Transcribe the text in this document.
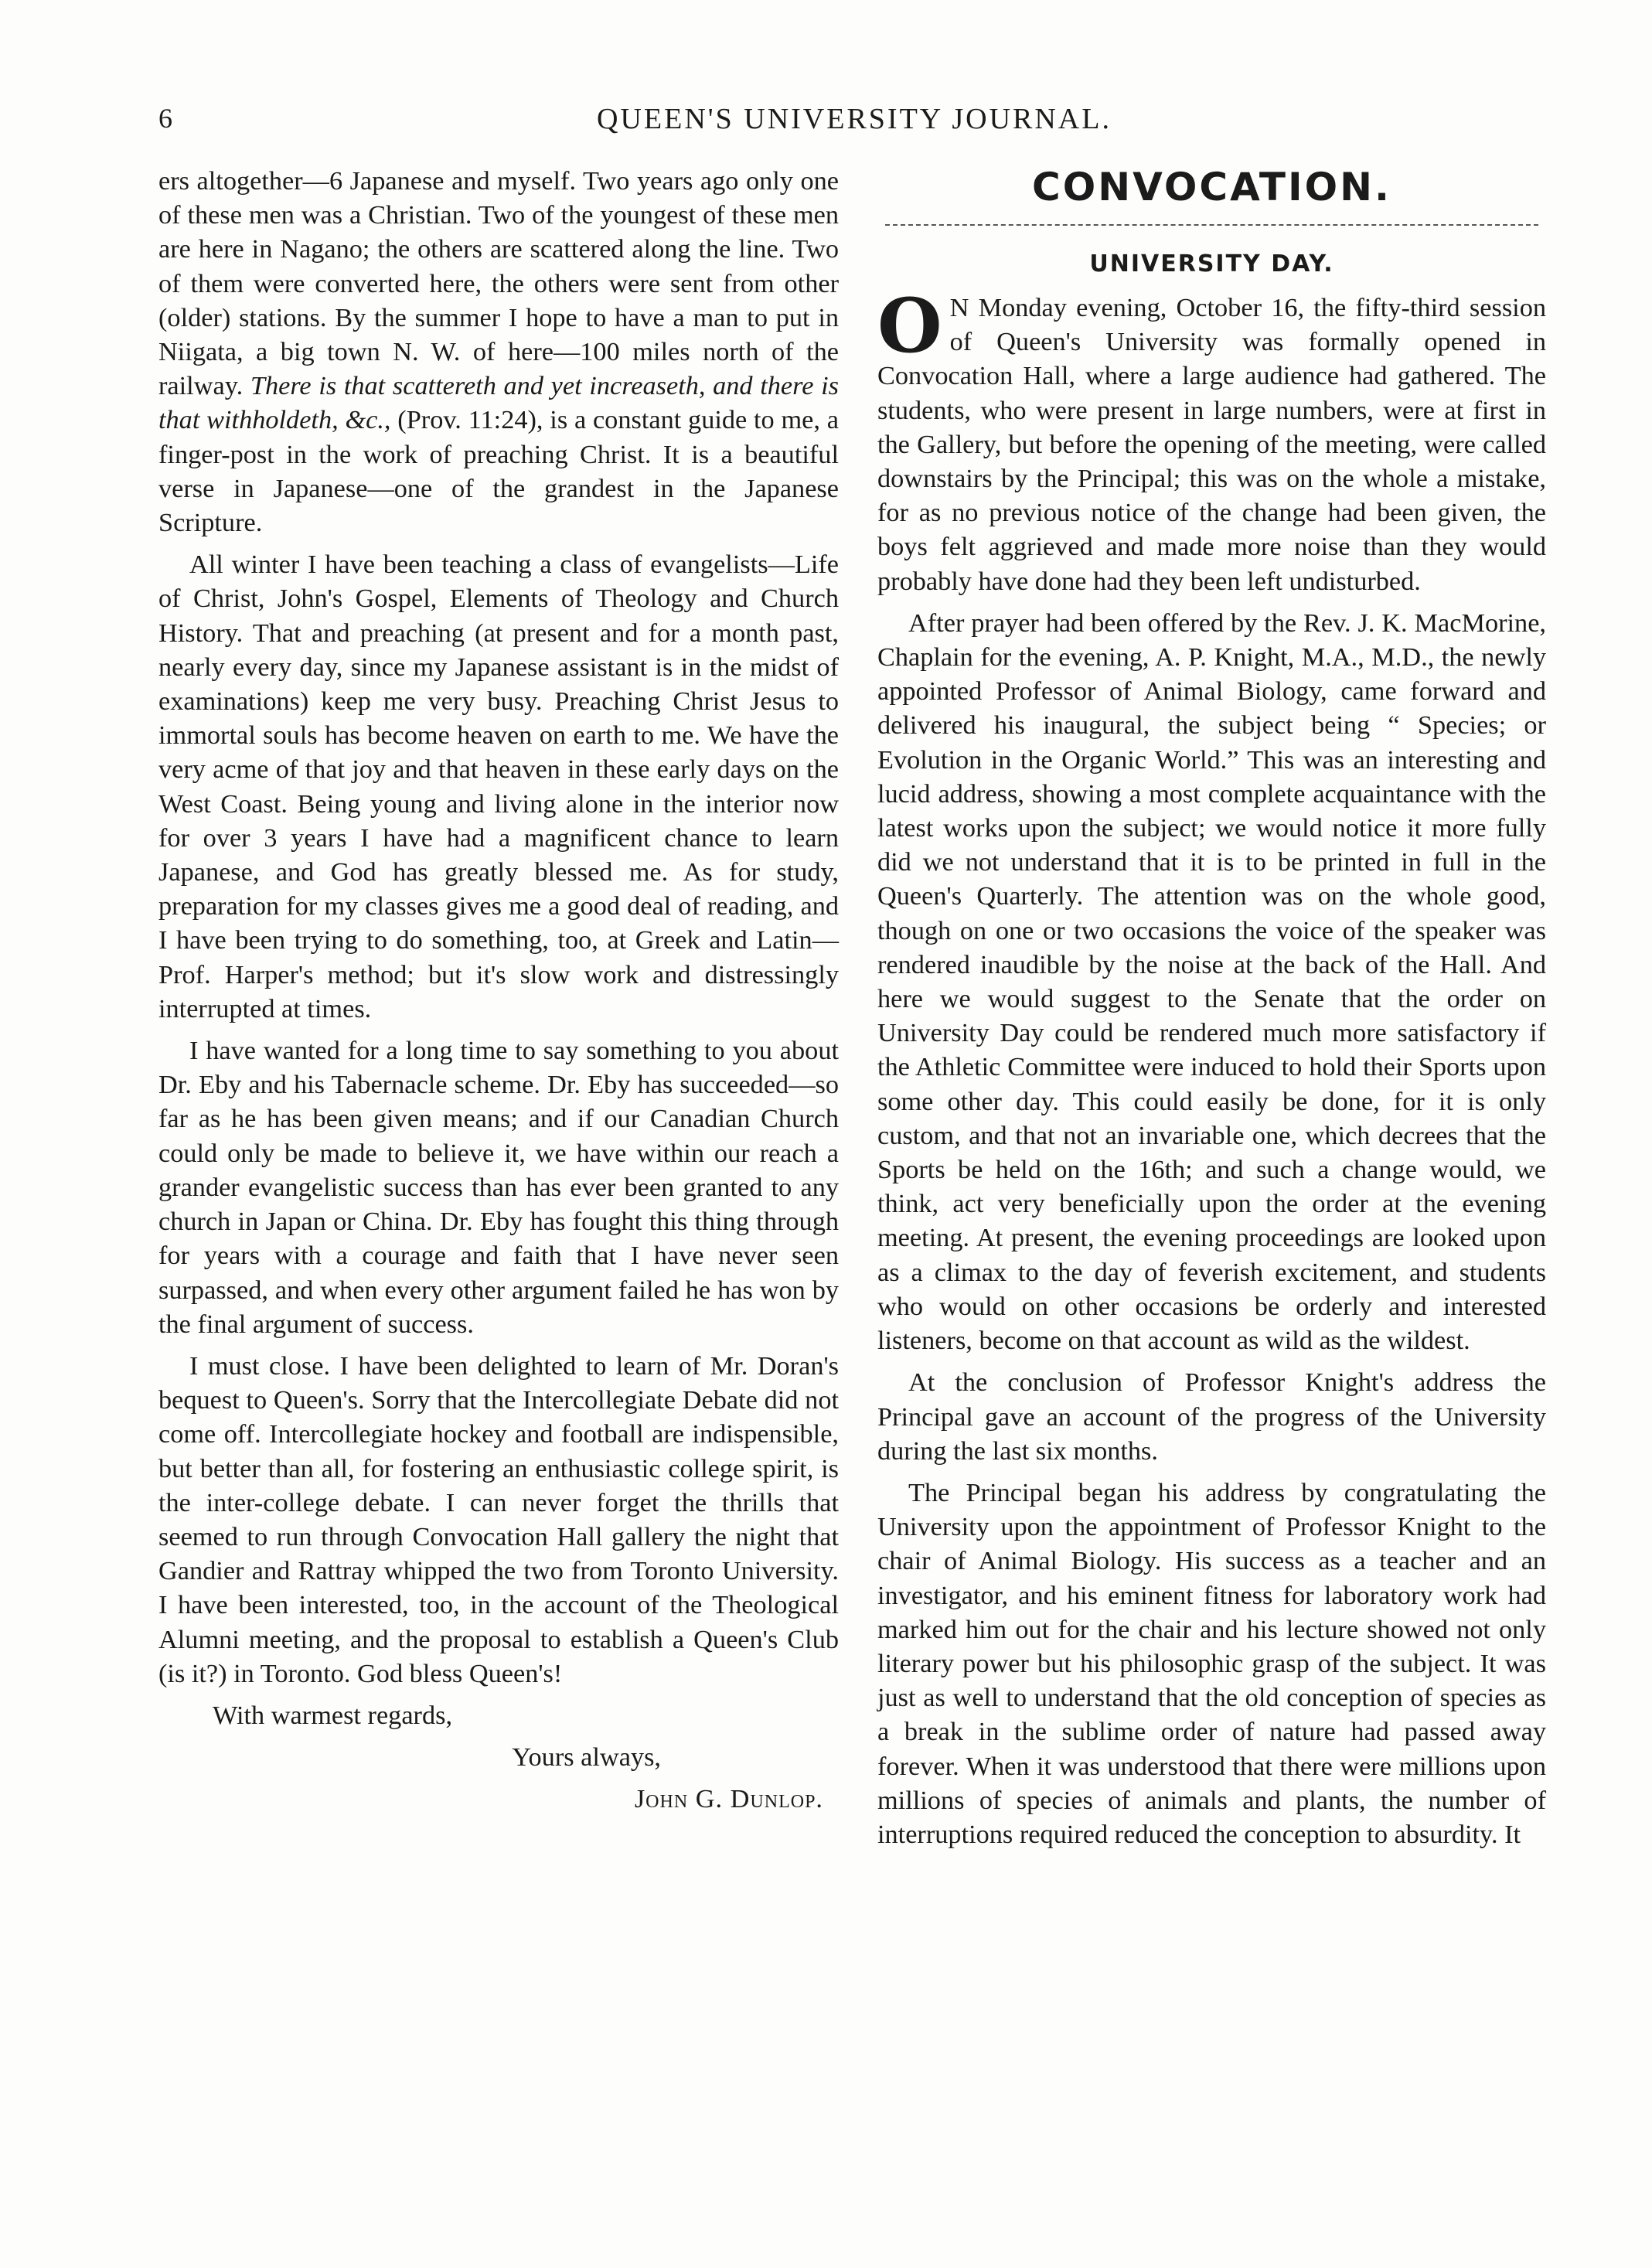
6	QUEEN'S UNIVERSITY JOURNAL.

ers altogether—6 Japanese and myself. Two years ago only one of these men was a Christian. Two of the youngest of these men are here in Nagano; the others are scattered along the line. Two of them were converted here, the others were sent from other (older) stations. By the summer I hope to have a man to put in Niigata, a big town N. W. of here—100 miles north of the railway. There is that scattereth and yet increaseth, and there is that withholdeth, &c., (Prov. 11:24), is a constant guide to me, a finger-post in the work of preaching Christ. It is a beautiful verse in Japanese—one of the grandest in the Japanese Scripture.

All winter I have been teaching a class of evangelists—Life of Christ, John's Gospel, Elements of Theology and Church History. That and preaching (at present and for a month past, nearly every day, since my Japanese assistant is in the midst of examinations) keep me very busy. Preaching Christ Jesus to immortal souls has become heaven on earth to me. We have the very acme of that joy and that heaven in these early days on the West Coast. Being young and living alone in the interior now for over 3 years I have had a magnificent chance to learn Japanese, and God has greatly blessed me. As for study, preparation for my classes gives me a good deal of reading, and I have been trying to do something, too, at Greek and Latin—Prof. Harper's method; but it's slow work and distressingly interrupted at times.

I have wanted for a long time to say something to you about Dr. Eby and his Tabernacle scheme. Dr. Eby has succeeded—so far as he has been given means; and if our Canadian Church could only be made to believe it, we have within our reach a grander evangelistic success than has ever been granted to any church in Japan or China. Dr. Eby has fought this thing through for years with a courage and faith that I have never seen surpassed, and when every other argument failed he has won by the final argument of success.

I must close. I have been delighted to learn of Mr. Doran's bequest to Queen's. Sorry that the Intercollegiate Debate did not come off. Intercollegiate hockey and football are indispensible, but better than all, for fostering an enthusiastic college spirit, is the inter-college debate. I can never forget the thrills that seemed to run through Convocation Hall gallery the night that Gandier and Rattray whipped the two from Toronto University. I have been interested, too, in the account of the Theological Alumni meeting, and the proposal to establish a Queen's Club (is it?) in Toronto. God bless Queen's!

With warmest regards,

Yours always,

John G. Dunlop.

CONVOCATION.
UNIVERSITY DAY.

O N Monday evening, October 16, the fifty-third session of Queen's University was formally opened in Convocation Hall, where a large audience had gathered. The students, who were present in large numbers, were at first in the Gallery, but before the opening of the meeting, were called downstairs by the Principal; this was on the whole a mistake, for as no previous notice of the change had been given, the boys felt aggrieved and made more noise than they would probably have done had they been left undisturbed.

After prayer had been offered by the Rev. J. K. MacMorine, Chaplain for the evening, A. P. Knight, M.A., M.D., the newly appointed Professor of Animal Biology, came forward and delivered his inaugural, the subject being “ Species; or Evolution in the Organic World.” This was an interesting and lucid address, showing a most complete acquaintance with the latest works upon the subject; we would notice it more fully did we not understand that it is to be printed in full in the Queen's Quarterly. The attention was on the whole good, though on one or two occasions the voice of the speaker was rendered inaudible by the noise at the back of the Hall. And here we would suggest to the Senate that the order on University Day could be rendered much more satisfactory if the Athletic Committee were induced to hold their Sports upon some other day. This could easily be done, for it is only custom, and that not an invariable one, which decrees that the Sports be held on the 16th; and such a change would, we think, act very beneficially upon the order at the evening meeting. At present, the evening proceedings are looked upon as a climax to the day of feverish excitement, and students who would on other occasions be orderly and interested listeners, become on that account as wild as the wildest.

At the conclusion of Professor Knight's address the Principal gave an account of the progress of the University during the last six months.

The Principal began his address by congratulating the University upon the appointment of Professor Knight to the chair of Animal Biology. His success as a teacher and an investigator, and his eminent fitness for laboratory work had marked him out for the chair and his lecture showed not only literary power but his philosophic grasp of the subject. It was just as well to understand that the old conception of species as a break in the sublime order of nature had passed away forever. When it was understood that there were millions upon millions of species of animals and plants, the number of interruptions required reduced the conception to absurdity. It
